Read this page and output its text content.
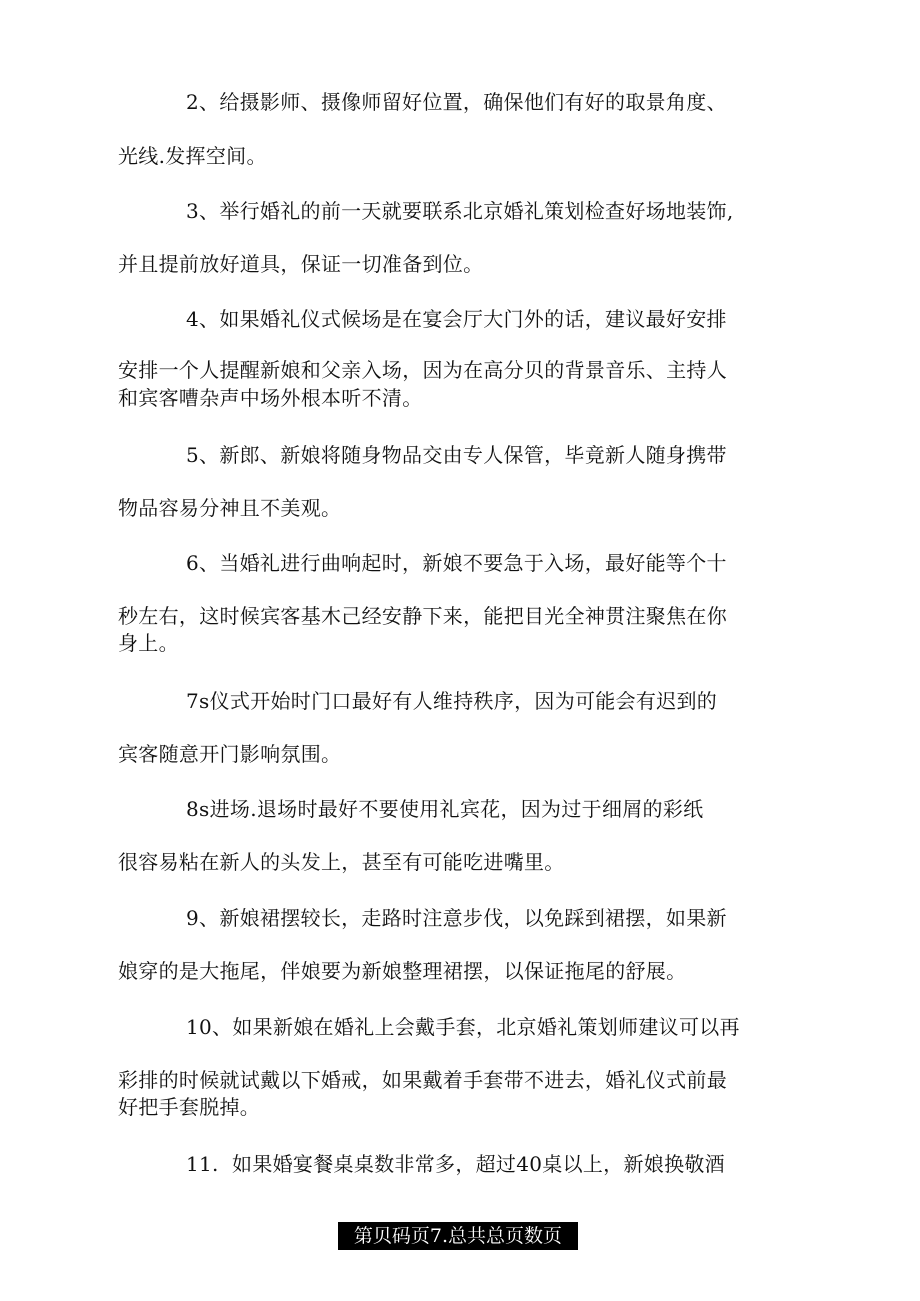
2、给摄影师、摄像师留好位置，确保他们有好的取景角度、
光线.发挥空间。
3、举行婚礼的前一天就要联系北京婚礼策划检查好场地装饰,
并且提前放好道具，保证一切准备到位。
4、如果婚礼仪式候场是在宴会厅大门外的话，建议最好安排
安排一个人提醒新娘和父亲入场，因为在高分贝的背景音乐、主持人
和宾客嘈杂声中场外根本听不清。
5、新郎、新娘将随身物品交由专人保管，毕竟新人随身携带
物品容易分神且不美观。
6、当婚礼进行曲响起时，新娘不要急于入场，最好能等个十
秒左右，这时候宾客基木己经安静下来，能把目光全神贯注聚焦在你
身上。
7s仪式开始时门口最好有人维持秩序，因为可能会有迟到的
宾客随意开门影响氛围。
8s进场.退场时最好不要使用礼宾花，因为过于细屑的彩纸
很容易粘在新人的头发上，甚至有可能吃进嘴里。
9、新娘裙摆较长，走路时注意步伐，以免踩到裙摆，如果新
娘穿的是大拖尾，伴娘要为新娘整理裙摆，以保证拖尾的舒展。
10、如果新娘在婚礼上会戴手套，北京婚礼策划师建议可以再
彩排的时候就试戴以下婚戒，如果戴着手套带不进去，婚礼仪式前最
好把手套脱掉。
11.  如果婚宴餐桌桌数非常多，超过40桌以上，新娘换敬酒
第贝码页7.总共总页数页
